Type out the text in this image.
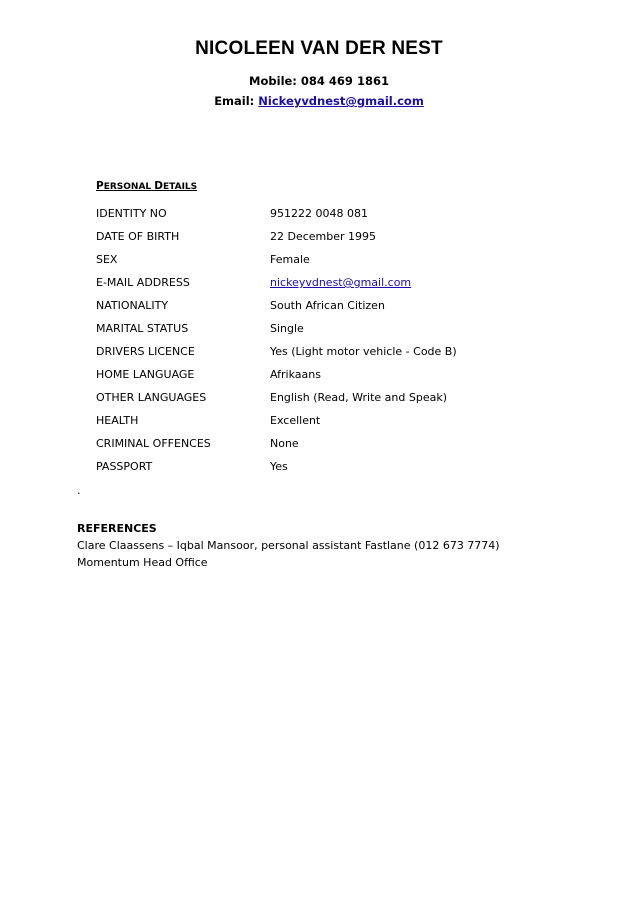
NICOLEEN VAN DER NEST
Mobile: 084 469 1861
Email: Nickeyvdnest@gmail.com
PERSONAL DETAILS
IDENTITY NO	951222 0048 081
DATE OF BIRTH	22 December 1995
SEX	Female
E-MAIL ADDRESS	nickeyvdnest@gmail.com
NATIONALITY	South African Citizen
MARITAL STATUS	Single
DRIVERS LICENCE	Yes (Light motor vehicle - Code B)
HOME LANGUAGE	Afrikaans
OTHER LANGUAGES	English (Read, Write and Speak)
HEALTH	Excellent
CRIMINAL OFFENCES	None
PASSPORT	Yes
.
REFERENCES
Clare Claassens – Iqbal Mansoor, personal assistant Fastlane (012 673 7774)
Momentum Head Office
